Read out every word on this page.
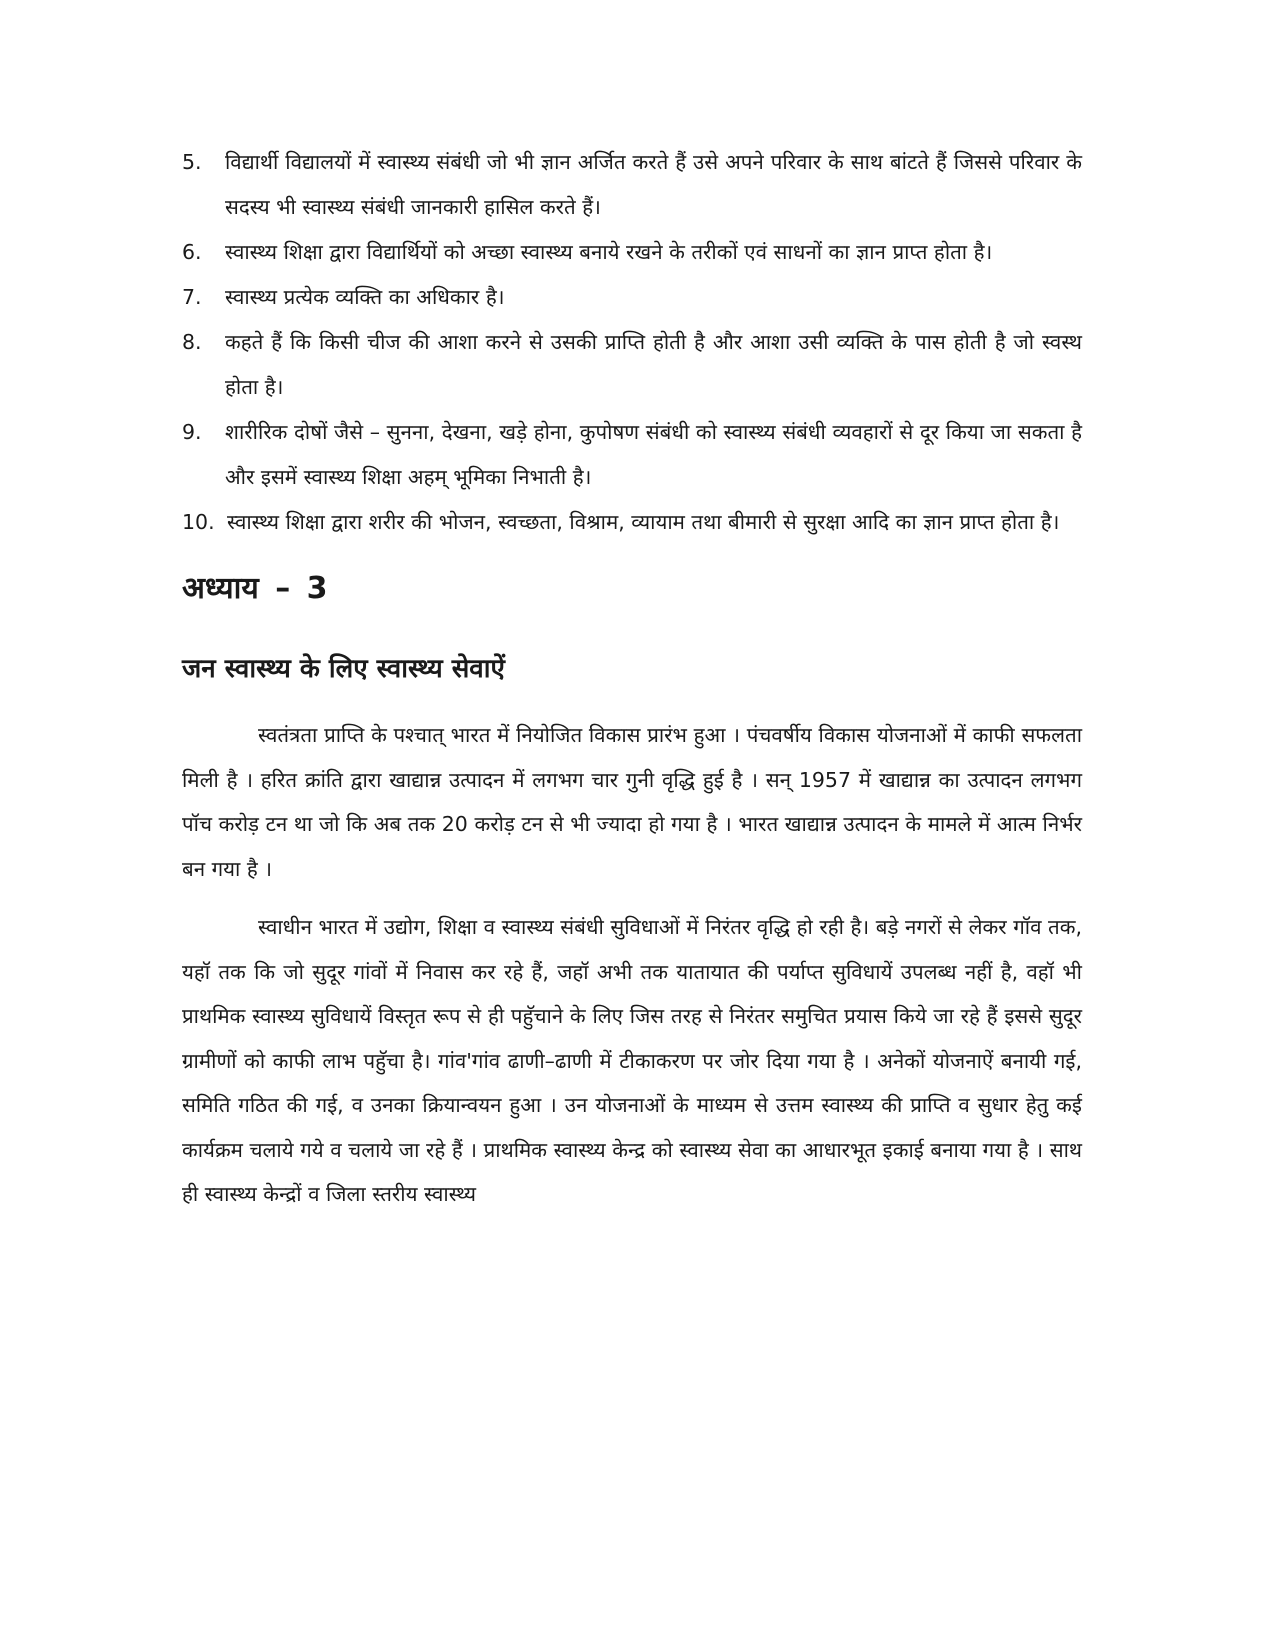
5.	विद्यार्थी विद्यालयों में स्वास्थ्य संबंधी जो भी ज्ञान अर्जित करते हैं उसे अपने परिवार के साथ बांटते हैं जिससे परिवार के सदस्य भी स्वास्थ्य संबंधी जानकारी हासिल करते हैं।
6.	स्वास्थ्य शिक्षा द्वारा विद्यार्थियों को अच्छा स्वास्थ्य बनाये रखने के तरीकों एवं साधनों का ज्ञान प्राप्त होता है।
7.	स्वास्थ्य प्रत्येक व्यक्ति का अधिकार है।
8.	कहते हैं कि किसी चीज की आशा करने से उसकी प्राप्ति होती है और आशा उसी व्यक्ति के पास होती है जो स्वस्थ होता है।
9.	शारीरिक दोषों जैसे – सुनना, देखना, खड़े होना, कुपोषण संबंधी को स्वास्थ्य संबंधी व्यवहारों से दूर किया जा सकता है और इसमें स्वास्थ्य शिक्षा अहम् भूमिका निभाती है।
10. स्वास्थ्य शिक्षा द्वारा शरीर की भोजन, स्वच्छता, विश्राम, व्यायाम तथा बीमारी से सुरक्षा आदि का ज्ञान प्राप्त होता है।
अध्याय – 3
जन स्वास्थ्य के लिए स्वास्थ्य सेवाऐं

स्वतंत्रता प्राप्ति के पश्चात् भारत में नियोजित विकास प्रारंभ हुआ । पंचवर्षीय विकास योजनाओं में काफी सफलता मिली है । हरित क्रांति द्वारा खाद्यान्न उत्पादन में लगभग चार गुनी वृद्धि हुई है । सन् 1957 में खाद्यान्न का उत्पादन लगभग पॉच करोड़ टन था जो कि अब तक 20 करोड़ टन से भी ज्यादा हो गया है । भारत खाद्यान्न उत्पादन के मामले में आत्म निर्भर बन गया है ।

स्वाधीन भारत में उद्योग, शिक्षा व स्वास्थ्य संबंधी सुविधाओं में निरंतर वृद्धि हो रही है। बड़े नगरों से लेकर गॉव तक, यहॉ तक कि जो सुदूर गांवों में निवास कर रहे हैं, जहॉ अभी तक यातायात की पर्याप्त सुविधायें उपलब्ध नहीं है, वहॉ भी प्राथमिक स्वास्थ्य सुविधायें विस्तृत रूप से ही पहुॅचाने के लिए जिस तरह से निरंतर समुचित प्रयास किये जा रहे हैं इससे सुदूर ग्रामीणों को काफी लाभ पहुॅचा है। गांव'गांव ढाणी–ढाणी में टीकाकरण पर जोर दिया गया है । अनेकों योजनाऐं बनायी गई, समिति गठित की गई, व उनका क्रियान्वयन हुआ । उन योजनाओं के माध्यम से उत्तम स्वास्थ्य की प्राप्ति व सुधार हेतु कई कार्यक्रम चलाये गये व चलाये जा रहे हैं । प्राथमिक स्वास्थ्य केन्द्र को स्वास्थ्य सेवा का आधारभूत इकाई बनाया गया है । साथ ही स्वास्थ्य केन्द्रों व जिला स्तरीय स्वास्थ्य
